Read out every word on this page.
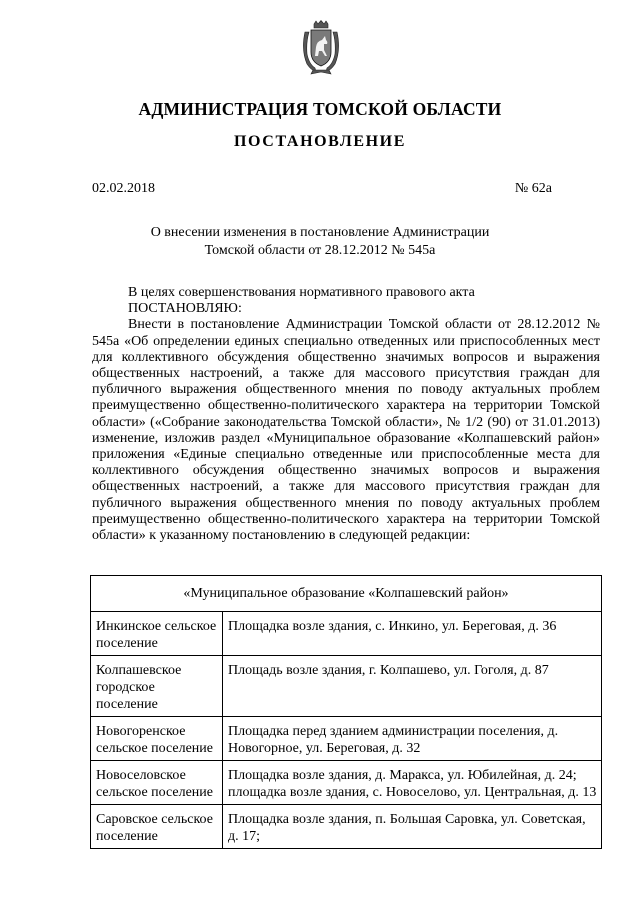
АДМИНИСТРАЦИЯ ТОМСКОЙ ОБЛАСТИ
ПОСТАНОВЛЕНИЕ
02.02.2018	№ 62а
О внесении изменения в постановление Администрации
Томской области от 28.12.2012 № 545а

В целях совершенствования нормативного правового акта

ПОСТАНОВЛЯЮ:

Внести в постановление Администрации Томской области от 28.12.2012 № 545а «Об определении единых специально отведенных или приспособленных мест для коллективного обсуждения общественно значимых вопросов и выражения общественных настроений, а также для массового присутствия граждан для публичного выражения общественного мнения по поводу актуальных проблем преимущественно общественно-политического характера на территории Томской области» («Собрание законодательства Томской области», № 1/2 (90) от 31.01.2013) изменение, изложив раздел «Муниципальное образование «Колпашевский район» приложения «Единые специально отведенные или приспособленные места для коллективного обсуждения общественно значимых вопросов и выражения общественных настроений, а также для массового присутствия граждан для публичного выражения общественного мнения по поводу актуальных проблем преимущественно общественно-политического характера на территории Томской области» к указанному постановлению в следующей редакции:

«Муниципальное образование «Колпашевский район»	
Инкинское сельское поселение	Площадка возле здания, с. Инкино, ул. Береговая, д. 36

Колпашевское городское поселение	Площадь возле здания, г. Колпашево, ул. Гоголя, д. 87

Новогоренское сельское поселение	Площадка перед зданием администрации поселения, д. Новогорное, ул. Береговая, д. 32

Новоселовское сельское поселение	Площадка возле здания, д. Маракса, ул. Юбилейная, д. 24;
площадка возле здания, с. Новоселово, ул. Центральная, д. 13

Саровское сельское поселение	Площадка возле здания, п. Большая Саровка, ул. Советская, д. 17;
